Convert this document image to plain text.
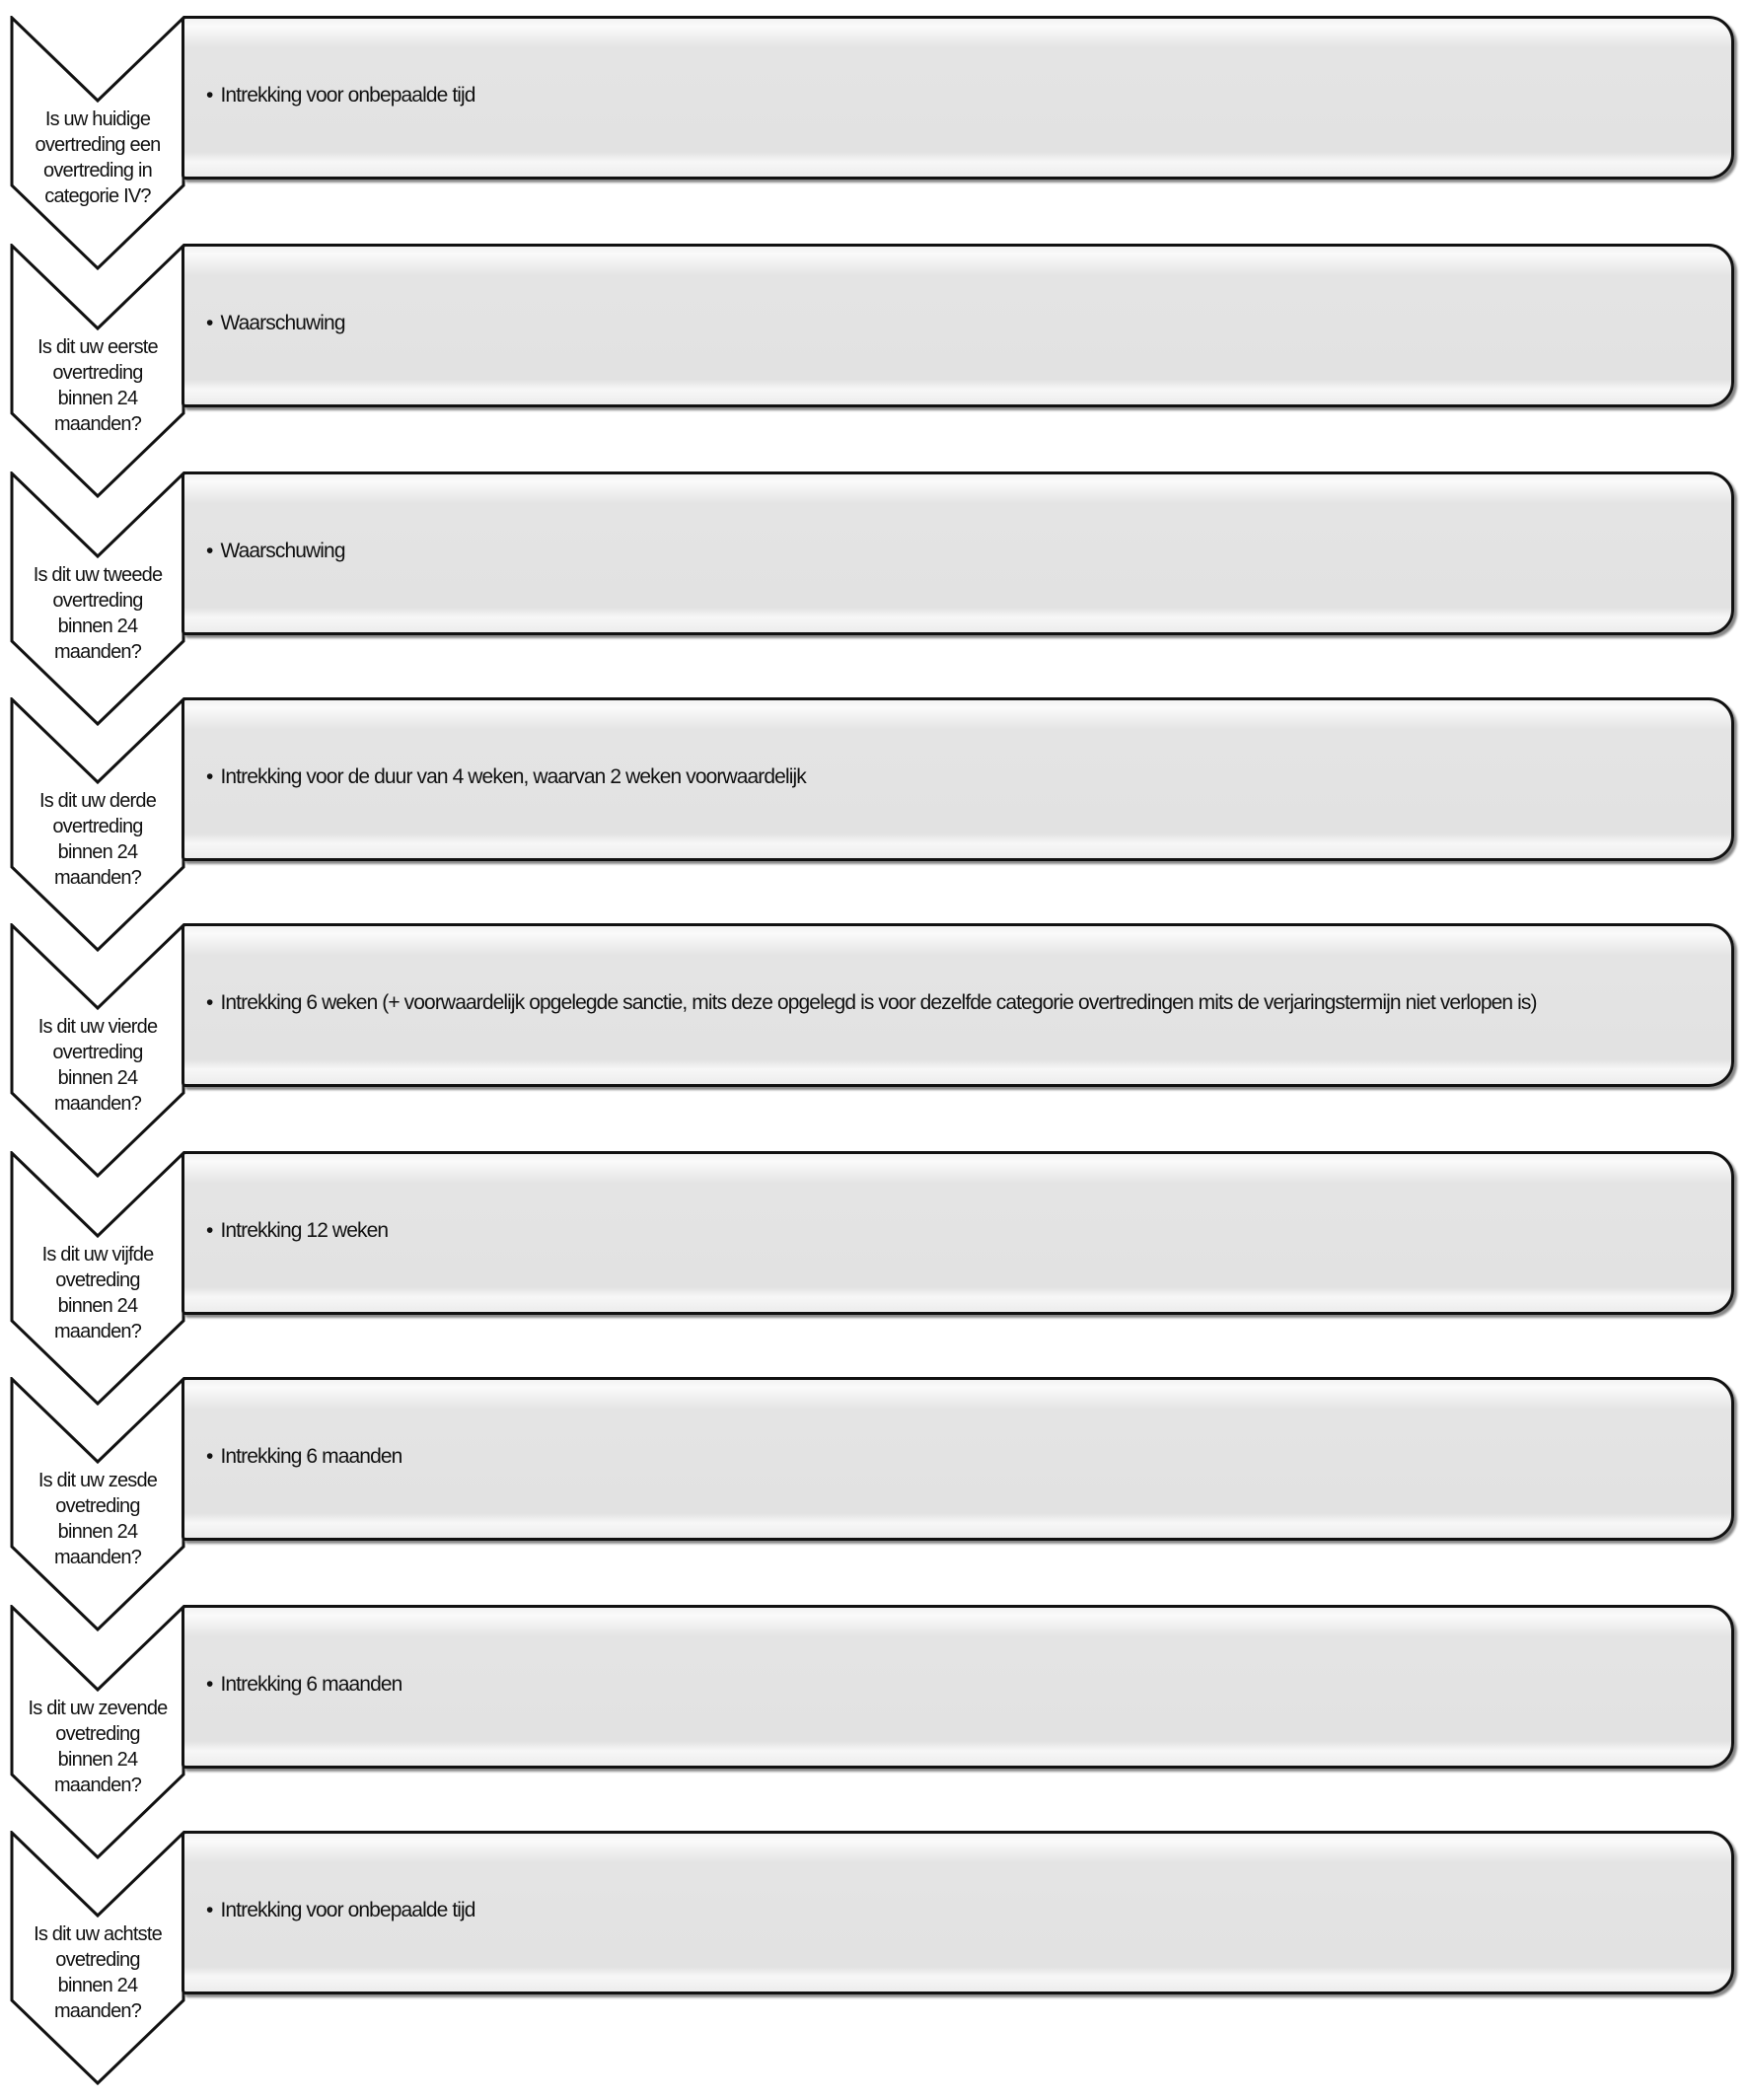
Is uw huidige
overtreding een
overtreding in
categorie IV?
• Intrekking voor onbepaalde tijd
Is dit uw eerste
overtreding
binnen 24
maanden?
• Waarschuwing
Is dit uw tweede
overtreding
binnen 24
maanden?
• Waarschuwing
Is dit uw derde
overtreding
binnen 24
maanden?
• Intrekking voor de duur van 4 weken, waarvan 2 weken voorwaardelijk
Is dit uw vierde
overtreding
binnen 24
maanden?
• Intrekking 6 weken (+ voorwaardelijk opgelegde sanctie, mits deze opgelegd is voor dezelfde categorie overtredingen mits de verjaringstermijn niet verlopen is)
Is dit uw vijfde
ovetreding
binnen 24
maanden?
• Intrekking 12 weken
Is dit uw zesde
ovetreding
binnen 24
maanden?
• Intrekking 6 maanden
Is dit uw zevende
ovetreding
binnen 24
maanden?
• Intrekking 6 maanden
Is dit uw achtste
ovetreding
binnen 24
maanden?
• Intrekking voor onbepaalde tijd
